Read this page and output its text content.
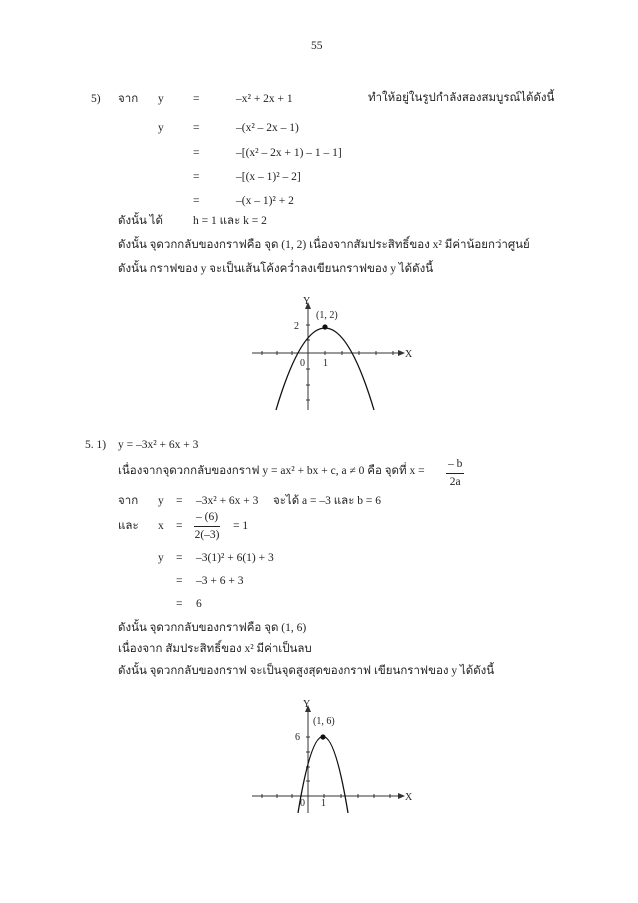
55
5) จาก y	=	–x² + 2x + 1	ทำให้อยู่ในรูปกำลังสองสมบูรณ์ได้ดังนี้
y	=	–(x² – 2x – 1)
=	–[(x² – 2x + 1) – 1 – 1]
=	–[(x – 1)² – 2]
=	–(x – 1)² + 2
ดังนั้น ได้	h = 1 และ k = 2
ดังนั้น จุดวกกลับของกราฟคือ จุด (1, 2) เนื่องจากสัมประสิทธิ์ของ x² มีค่าน้อยกว่าศูนย์
ดังนั้น กราฟของ y จะเป็นเส้นโค้งคว่ำลงเขียนกราฟของ y ได้ดังนี้
Y
X
(1, 2)
2
0 1
Y
X
(1, 6)
6
0 1
5. 1) y = –3x² + 6x + 3
เนื่องจากจุดวกกลับของกราฟ y = ax² + bx + c, a ≠ 0 คือ จุดที่ $x = \frac{- b}{2a}$
จาก y = –3x² + 6x + 3 จะได้ a = –3 และ b = 6
และ $x = \frac{- (6)}{2(-3)} = 1$
y = –3(1)² + 6(1) + 3
= –3 + 6 + 3
= 6
ดังนั้น จุดวกกลับของกราฟคือ จุด (1, 6)
เนื่องจาก สัมประสิทธิ์ของ x² มีค่าเป็นลบ
ดังนั้น จุดวกกลับของกราฟ จะเป็นจุดสูงสุดของกราฟ เขียนกราฟของ y ได้ดังนี้
